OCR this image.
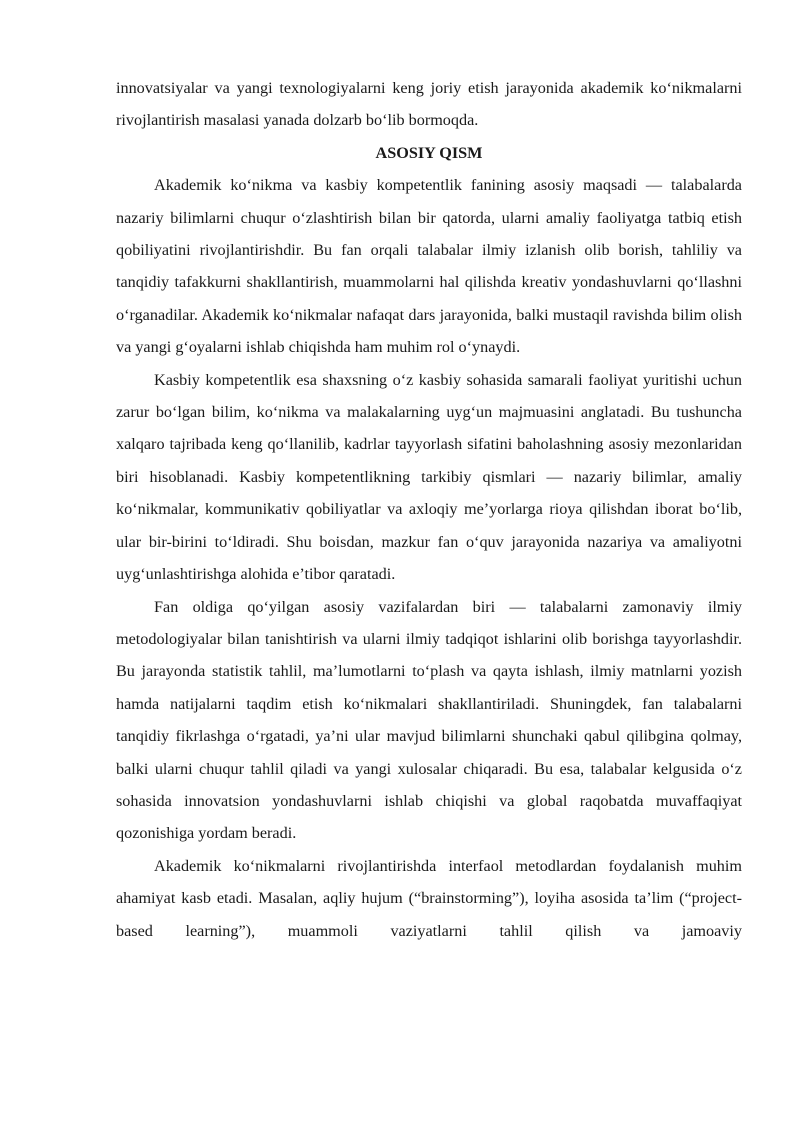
innovatsiyalar va yangi texnologiyalarni keng joriy etish jarayonida akademik ko‘nikmalarni rivojlantirish masalasi yanada dolzarb bo‘lib bormoqda.

ASOSIY QISM

Akademik ko‘nikma va kasbiy kompetentlik fanining asosiy maqsadi — talabalarda nazariy bilimlarni chuqur o‘zlashtirish bilan bir qatorda, ularni amaliy faoliyatga tatbiq etish qobiliyatini rivojlantirishdir. Bu fan orqali talabalar ilmiy izlanish olib borish, tahliliy va tanqidiy tafakkurni shakllantirish, muammolarni hal qilishda kreativ yondashuvlarni qo‘llashni o‘rganadilar. Akademik ko‘nikmalar nafaqat dars jarayonida, balki mustaqil ravishda bilim olish va yangi g‘oyalarni ishlab chiqishda ham muhim rol o‘ynaydi.

Kasbiy kompetentlik esa shaxsning o‘z kasbiy sohasida samarali faoliyat yuritishi uchun zarur bo‘lgan bilim, ko‘nikma va malakalarning uyg‘un majmuasini anglatadi. Bu tushuncha xalqaro tajribada keng qo‘llanilib, kadrlar tayyorlash sifatini baholashning asosiy mezonlaridan biri hisoblanadi. Kasbiy kompetentlikning tarkibiy qismlari — nazariy bilimlar, amaliy ko‘nikmalar, kommunikativ qobiliyatlar va axloqiy me’yorlarga rioya qilishdan iborat bo‘lib, ular bir-birini to‘ldiradi. Shu boisdan, mazkur fan o‘quv jarayonida nazariya va amaliyotni uyg‘unlashtirishga alohida e’tibor qaratadi.

Fan oldiga qo‘yilgan asosiy vazifalardan biri — talabalarni zamonaviy ilmiy metodologiyalar bilan tanishtirish va ularni ilmiy tadqiqot ishlarini olib borishga tayyorlashdir. Bu jarayonda statistik tahlil, ma’lumotlarni to‘plash va qayta ishlash, ilmiy matnlarni yozish hamda natijalarni taqdim etish ko‘nikmalari shakllantiriladi. Shuningdek, fan talabalarni tanqidiy fikrlashga o‘rgatadi, ya’ni ular mavjud bilimlarni shunchaki qabul qilibgina qolmay, balki ularni chuqur tahlil qiladi va yangi xulosalar chiqaradi. Bu esa, talabalar kelgusida o‘z sohasida innovatsion yondashuvlarni ishlab chiqishi va global raqobatda muvaffaqiyat qozonishiga yordam beradi.

Akademik ko‘nikmalarni rivojlantirishda interfaol metodlardan foydalanish muhim ahamiyat kasb etadi. Masalan, aqliy hujum (“brainstorming”), loyiha asosida ta’lim (“project-based learning”), muammoli vaziyatlarni tahlil qilish va jamoaviy
